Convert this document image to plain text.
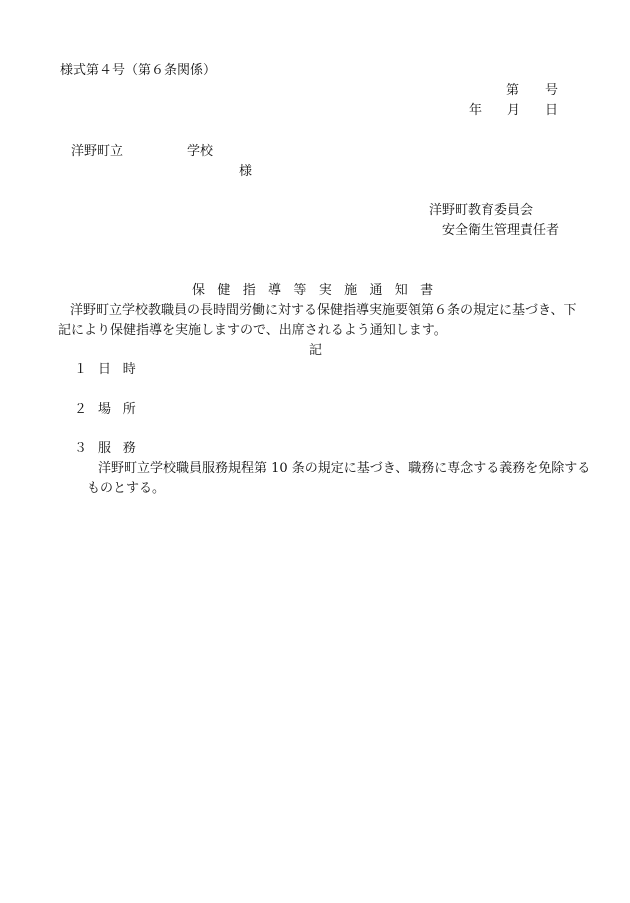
様式第４号（第６条関係）

第 号

年 月 日

洋野町立	学校

様

洋野町教育委員会

安全衛生管理責任者

保健指導等実施通知書

洋野町立学校教職員の長時間労働に対する保健指導実施要領第６条の規定に基づき、下

記により保健指導を実施しますので、出席されるよう通知します。

記

１ 日時

２ 場所

３ 服務

洋野町立学校職員服務規程第 10 条の規定に基づき、職務に専念する義務を免除する

ものとする。
